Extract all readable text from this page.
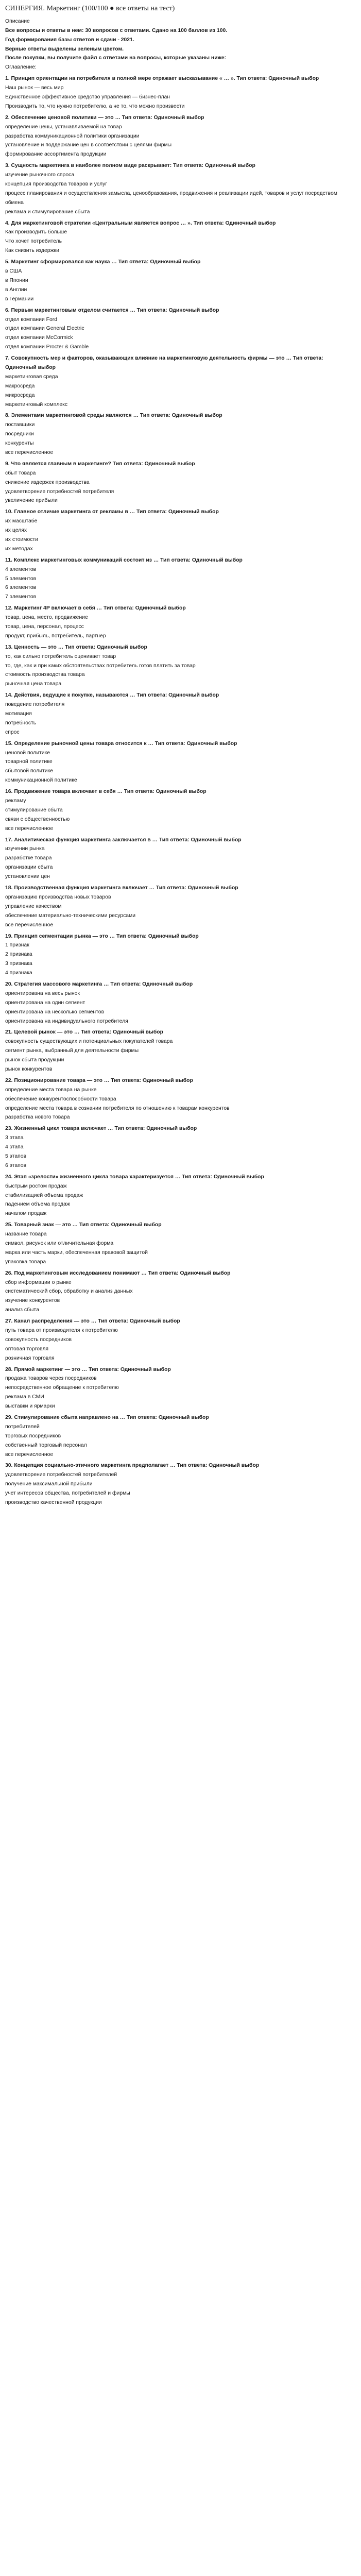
СИНЕРГИЯ. Маркетинг (100/100 ● все ответы на тест)

Описание

Все вопросы и ответы в нем: 30 вопросов с ответами. Сдано на 100 баллов из 100.

Год формирования базы ответов и сдачи - 2021.

Верные ответы выделены зеленым цветом.

После покупки, вы получите файл с ответами на вопросы, которые указаны ниже:

Оглавление:

1. Принцип ориентации на потребителя в полной мере отражает высказывание « … ». Тип ответа: Одиночный выбор
Наш рынок — весь мир
Единственное эффективное средство управления — бизнес-план
Производить то, что нужно потребителю, а не то, что можно произвести
2. Обеспечение ценовой политики — это … Тип ответа: Одиночный выбор
определение цены, устанавливаемой на товар
разработка коммуникационной политики организации
установление и поддержание цен в соответствии с целями фирмы
формирование ассортимента продукции
3. Сущность маркетинга в наиболее полном виде раскрывает: Тип ответа: Одиночный выбор
изучение рыночного спроса
концепция производства товаров и услуг
процесс планирования и осуществления замысла, ценообразования, продвижения и реализации идей, товаров и услуг посредством обмена
реклама и стимулирование сбыта
4. Для маркетинговой стратегии «Центральным является вопрос … ». Тип ответа: Одиночный выбор
Как производить больше
Что хочет потребитель
Как снизить издержки
5. Маркетинг сформировался как наука … Тип ответа: Одиночный выбор
в США
в Японии
в Англии
в Германии
6. Первым маркетинговым отделом считается … Тип ответа: Одиночный выбор
отдел компании Ford
отдел компании General Electric
отдел компании McCormick
отдел компании Procter & Gamble
7. Совокупность мер и факторов, оказывающих влияние на маркетинговую деятельность фирмы — это … Тип ответа: Одиночный выбор
маркетинговая среда
макросреда
микросреда
маркетинговый комплекс
8. Элементами маркетинговой среды являются … Тип ответа: Одиночный выбор
поставщики
посредники
конкуренты
все перечисленное
9. Что является главным в маркетинге? Тип ответа: Одиночный выбор
сбыт товара
снижение издержек производства
удовлетворение потребностей потребителя
увеличение прибыли
10. Главное отличие маркетинга от рекламы в … Тип ответа: Одиночный выбор
их масштабе
их целях
их стоимости
их методах
11. Комплекс маркетинговых коммуникаций состоит из … Тип ответа: Одиночный выбор
4 элементов
5 элементов
6 элементов
7 элементов
12. Маркетинг 4P включает в себя … Тип ответа: Одиночный выбор
товар, цена, место, продвижение
товар, цена, персонал, процесс
продукт, прибыль, потребитель, партнер
13. Ценность — это … Тип ответа: Одиночный выбор
то, как сильно потребитель оценивает товар
то, где, как и при каких обстоятельствах потребитель готов платить за товар
стоимость производства товара
рыночная цена товара
14. Действия, ведущие к покупке, называются … Тип ответа: Одиночный выбор
поведение потребителя
мотивация
потребность
спрос
15. Определение рыночной цены товара относится к … Тип ответа: Одиночный выбор
ценовой политике
товарной политике
сбытовой политике
коммуникационной политике
16. Продвижение товара включает в себя … Тип ответа: Одиночный выбор
рекламу
стимулирование сбыта
связи с общественностью
все перечисленное
17. Аналитическая функция маркетинга заключается в … Тип ответа: Одиночный выбор
изучении рынка
разработке товара
организации сбыта
установлении цен
18. Производственная функция маркетинга включает … Тип ответа: Одиночный выбор
организацию производства новых товаров
управление качеством
обеспечение материально-техническими ресурсами
все перечисленное
19. Принцип сегментации рынка — это … Тип ответа: Одиночный выбор
1 признак
2 признака
3 признака
4 признака
20. Стратегия массового маркетинга … Тип ответа: Одиночный выбор
ориентирована на весь рынок
ориентирована на один сегмент
ориентирована на несколько сегментов
ориентирована на индивидуального потребителя
21. Целевой рынок — это … Тип ответа: Одиночный выбор
совокупность существующих и потенциальных покупателей товара
сегмент рынка, выбранный для деятельности фирмы
рынок сбыта продукции
рынок конкурентов
22. Позиционирование товара — это … Тип ответа: Одиночный выбор
определение места товара на рынке
обеспечение конкурентоспособности товара
определение места товара в сознании потребителя по отношению к товарам конкурентов
разработка нового товара
23. Жизненный цикл товара включает … Тип ответа: Одиночный выбор
3 этапа
4 этапа
5 этапов
6 этапов
24. Этап «зрелости» жизненного цикла товара характеризуется … Тип ответа: Одиночный выбор
быстрым ростом продаж
стабилизацией объема продаж
падением объема продаж
началом продаж
25. Товарный знак — это … Тип ответа: Одиночный выбор
название товара
символ, рисунок или отличительная форма
марка или часть марки, обеспеченная правовой защитой
упаковка товара
26. Под маркетинговым исследованием понимают … Тип ответа: Одиночный выбор
сбор информации о рынке
систематический сбор, обработку и анализ данных
изучение конкурентов
анализ сбыта
27. Канал распределения — это … Тип ответа: Одиночный выбор
путь товара от производителя к потребителю
совокупность посредников
оптовая торговля
розничная торговля
28. Прямой маркетинг — это … Тип ответа: Одиночный выбор
продажа товаров через посредников
непосредственное обращение к потребителю
реклама в СМИ
выставки и ярмарки
29. Стимулирование сбыта направлено на … Тип ответа: Одиночный выбор
потребителей
торговых посредников
собственный торговый персонал
все перечисленное
30. Концепция социально-этичного маркетинга предполагает … Тип ответа: Одиночный выбор
удовлетворение потребностей потребителей
получение максимальной прибыли
учет интересов общества, потребителей и фирмы
производство качественной продукции
